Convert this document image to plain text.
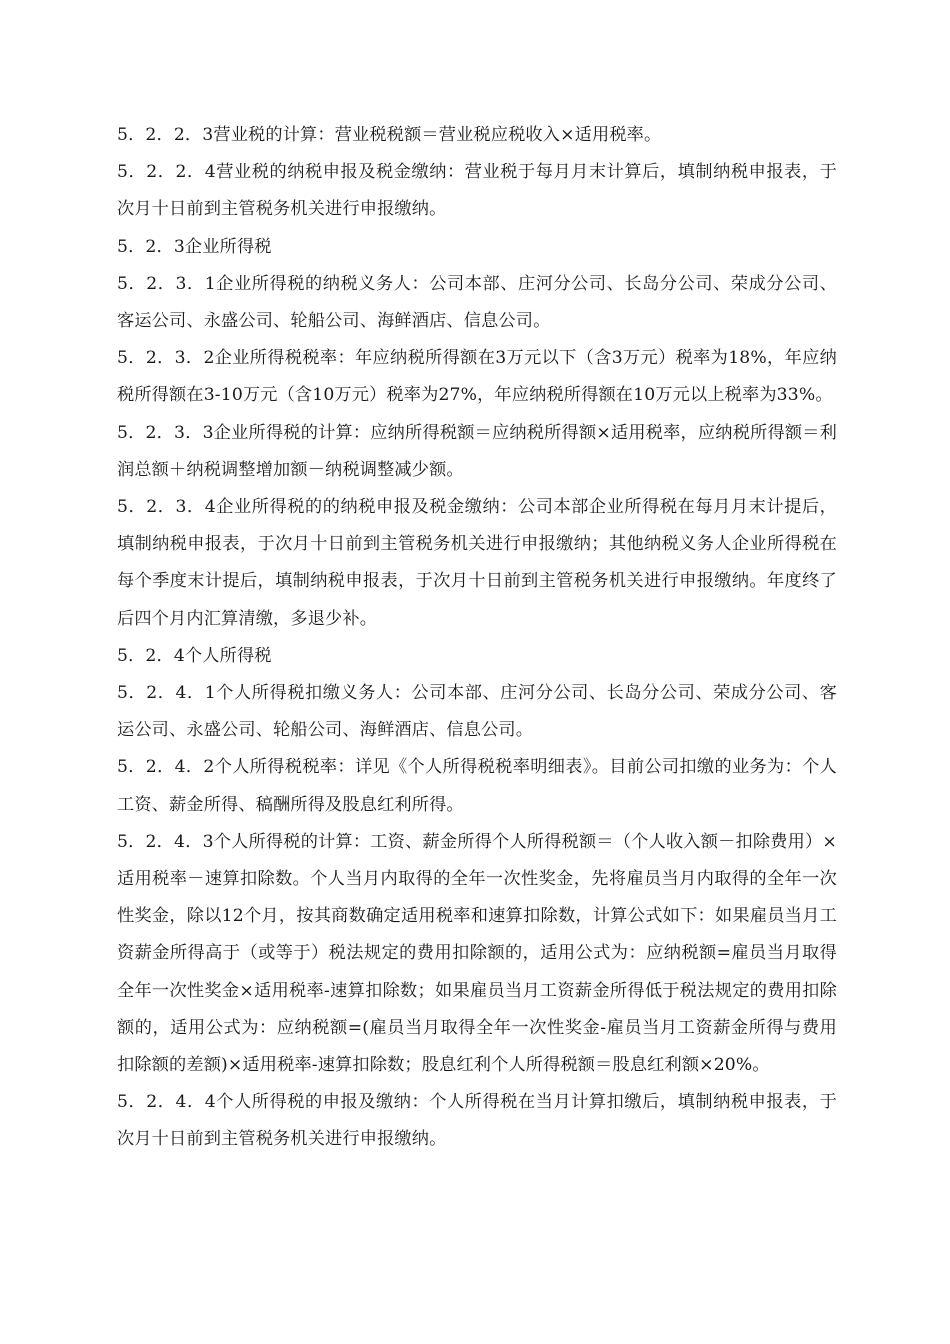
5．2．2．3营业税的计算：营业税税额＝营业税应税收入×适用税率。

5．2．2．4营业税的纳税申报及税金缴纳：营业税于每月月末计算后，填制纳税申报表，于次月十日前到主管税务机关进行申报缴纳。

5．2．3企业所得税

5．2．3．1企业所得税的纳税义务人：公司本部、庄河分公司、长岛分公司、荣成分公司、客运公司、永盛公司、轮船公司、海鲜酒店、信息公司。

5．2．3．2企业所得税税率：年应纳税所得额在3万元以下（含3万元）税率为18%，年应纳税所得额在3-10万元（含10万元）税率为27%，年应纳税所得额在10万元以上税率为33%。

5．2．3．3企业所得税的计算：应纳所得税额＝应纳税所得额×适用税率，应纳税所得额＝利润总额＋纳税调整增加额－纳税调整减少额。

5．2．3．4企业所得税的的纳税申报及税金缴纳：公司本部企业所得税在每月月末计提后，填制纳税申报表，于次月十日前到主管税务机关进行申报缴纳；其他纳税义务人企业所得税在每个季度末计提后，填制纳税申报表，于次月十日前到主管税务机关进行申报缴纳。年度终了后四个月内汇算清缴，多退少补。

5．2．4个人所得税

5．2．4．1个人所得税扣缴义务人：公司本部、庄河分公司、长岛分公司、荣成分公司、客运公司、永盛公司、轮船公司、海鲜酒店、信息公司。

5．2．4．2个人所得税税率：详见《个人所得税税率明细表》。目前公司扣缴的业务为：个人工资、薪金所得、稿酬所得及股息红利所得。

5．2．4．3个人所得税的计算：工资、薪金所得个人所得税额＝（个人收入额－扣除费用）×适用税率－速算扣除数。个人当月内取得的全年一次性奖金，先将雇员当月内取得的全年一次性奖金，除以12个月，按其商数确定适用税率和速算扣除数，计算公式如下：如果雇员当月工资薪金所得高于（或等于）税法规定的费用扣除额的，适用公式为：应纳税额=雇员当月取得全年一次性奖金×适用税率-速算扣除数；如果雇员当月工资薪金所得低于税法规定的费用扣除额的，适用公式为：应纳税额=(雇员当月取得全年一次性奖金-雇员当月工资薪金所得与费用扣除额的差额)×适用税率-速算扣除数；股息红利个人所得税额＝股息红利额×20%。

5．2．4．4个人所得税的申报及缴纳：个人所得税在当月计算扣缴后，填制纳税申报表，于次月十日前到主管税务机关进行申报缴纳。
